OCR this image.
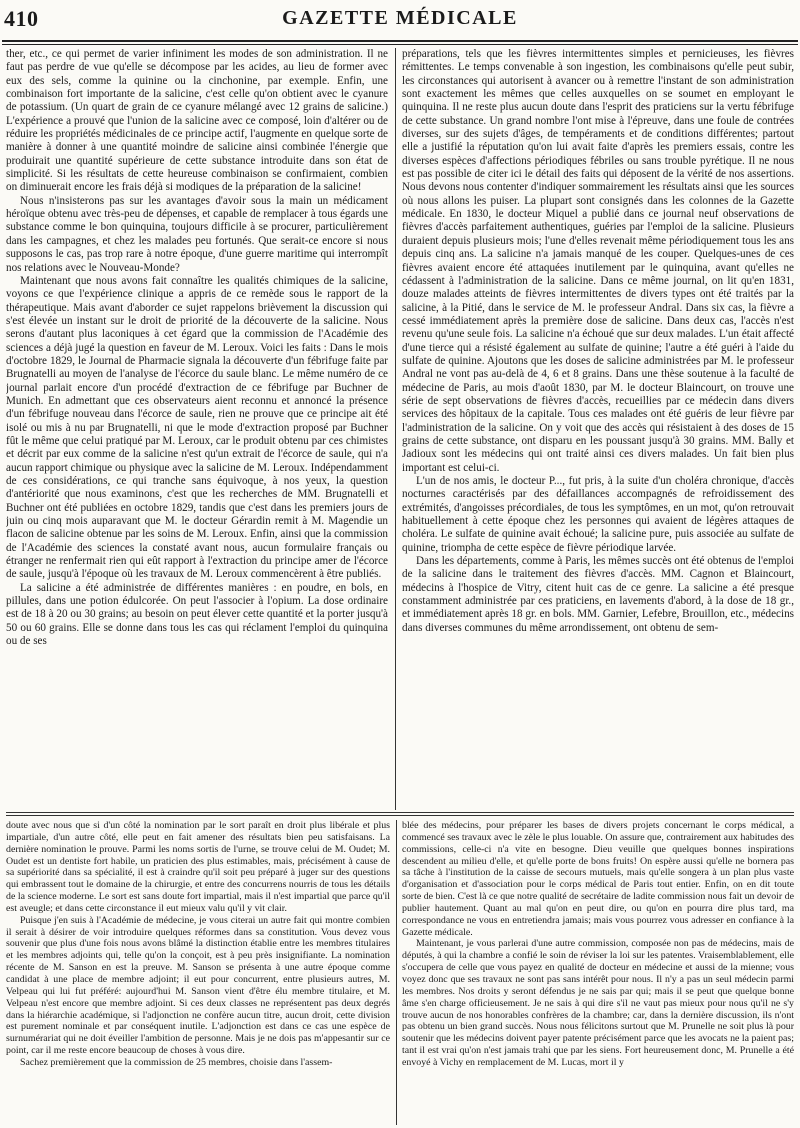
410	GAZETTE MÉDICALE

ther, etc., ce qui permet de varier infiniment les modes de son administration. Il ne faut pas perdre de vue qu'elle se décompose par les acides, au lieu de former avec eux des sels, comme la quinine ou la cinchonine, par exemple. Enfin, une combinaison fort importante de la salicine, c'est celle qu'on obtient avec le cyanure de potassium. (Un quart de grain de ce cyanure mélangé avec 12 grains de salicine.) L'expérience a prouvé que l'union de la salicine avec ce composé, loin d'altérer ou de réduire les propriétés médicinales de ce principe actif, l'augmente en quelque sorte de manière à donner à une quantité moindre de salicine ainsi combinée l'énergie que produirait une quantité supérieure de cette substance introduite dans son état de simplicité. Si les résultats de cette heureuse combinaison se confirmaient, combien on diminuerait encore les frais déjà si modiques de la préparation de la salicine!

Nous n'insisterons pas sur les avantages d'avoir sous la main un médicament héroïque obtenu avec très-peu de dépenses, et capable de remplacer à tous égards une substance comme le bon quinquina, toujours difficile à se procurer, particulièrement dans les campagnes, et chez les malades peu fortunés. Que serait-ce encore si nous supposons le cas, pas trop rare à notre époque, d'une guerre maritime qui interrompît nos relations avec le Nouveau-Monde?

Maintenant que nous avons fait connaître les qualités chimiques de la salicine, voyons ce que l'expérience clinique a appris de ce remède sous le rapport de la thérapeutique. Mais avant d'aborder ce sujet rappelons brièvement la discussion qui s'est élevée un instant sur le droit de priorité de la découverte de la salicine. Nous serons d'autant plus laconiques à cet égard que la commission de l'Académie des sciences a déjà jugé la question en faveur de M. Leroux. Voici les faits : Dans le mois d'octobre 1829, le Journal de Pharmacie signala la découverte d'un fébrifuge faite par Brugnatelli au moyen de l'analyse de l'écorce du saule blanc. Le même numéro de ce journal parlait encore d'un procédé d'extraction de ce fébrifuge par Buchner de Munich. En admettant que ces observateurs aient reconnu et annoncé la présence d'un fébrifuge nouveau dans l'écorce de saule, rien ne prouve que ce principe ait été isolé ou mis à nu par Brugnatelli, ni que le mode d'extraction proposé par Buchner fût le même que celui pratiqué par M. Leroux, car le produit obtenu par ces chimistes et décrit par eux comme de la salicine n'est qu'un extrait de l'écorce de saule, qui n'a aucun rapport chimique ou physique avec la salicine de M. Leroux. Indépendamment de ces considérations, ce qui tranche sans équivoque, à nos yeux, la question d'antériorité que nous examinons, c'est que les recherches de MM. Brugnatelli et Buchner ont été publiées en octobre 1829, tandis que c'est dans les premiers jours de juin ou cinq mois auparavant que M. le docteur Gérardin remit à M. Magendie un flacon de salicine obtenue par les soins de M. Leroux. Enfin, ainsi que la commission de l'Académie des sciences la constaté avant nous, aucun formulaire français ou étranger ne renfermait rien qui eût rapport à l'extraction du principe amer de l'écorce de saule, jusqu'à l'époque où les travaux de M. Leroux commencèrent à être publiés.

La salicine a été administrée de différentes manières : en poudre, en bols, en pillules, dans une potion édulcorée. On peut l'associer à l'opium. La dose ordinaire est de 18 à 20 ou 30 grains; au besoin on peut élever cette quantité et la porter jusqu'à 50 ou 60 grains. Elle se donne dans tous les cas qui réclament l'emploi du quinquina ou de ses

préparations, tels que les fièvres intermittentes simples et pernicieuses, les fièvres rémittentes. Le temps convenable à son ingestion, les combinaisons qu'elle peut subir, les circonstances qui autorisent à avancer ou à remettre l'instant de son administration sont exactement les mêmes que celles auxquelles on se soumet en employant le quinquina. Il ne reste plus aucun doute dans l'esprit des praticiens sur la vertu fébrifuge de cette substance. Un grand nombre l'ont mise à l'épreuve, dans une foule de contrées diverses, sur des sujets d'âges, de tempéraments et de conditions différentes; partout elle a justifié la réputation qu'on lui avait faite d'après les premiers essais, contre les diverses espèces d'affections périodiques fébriles ou sans trouble pyrétique. Il ne nous est pas possible de citer ici le détail des faits qui déposent de la vérité de nos assertions. Nous devons nous contenter d'indiquer sommairement les résultats ainsi que les sources où nous allons les puiser. La plupart sont consignés dans les colonnes de la Gazette médicale. En 1830, le docteur Miquel a publié dans ce journal neuf observations de fièvres d'accès parfaitement authentiques, guéries par l'emploi de la salicine. Plusieurs duraient depuis plusieurs mois; l'une d'elles revenait même périodiquement tous les ans depuis cinq ans. La salicine n'a jamais manqué de les couper. Quelques-unes de ces fièvres avaient encore été attaquées inutilement par le quinquina, avant qu'elles ne cédassent à l'administration de la salicine. Dans ce même journal, on lit qu'en 1831, douze malades atteints de fièvres intermittentes de divers types ont été traités par la salicine, à la Pitié, dans le service de M. le professeur Andral. Dans six cas, la fièvre a cessé immédiatement après la première dose de salicine. Dans deux cas, l'accès n'est revenu qu'une seule fois. La salicine n'a échoué que sur deux malades. L'un était affecté d'une tierce qui a résisté également au sulfate de quinine; l'autre a été guéri à l'aide du sulfate de quinine. Ajoutons que les doses de salicine administrées par M. le professeur Andral ne vont pas au-delà de 4, 6 et 8 grains. Dans une thèse soutenue à la faculté de médecine de Paris, au mois d'août 1830, par M. le docteur Blaincourt, on trouve une série de sept observations de fièvres d'accès, recueillies par ce médecin dans divers services des hôpitaux de la capitale. Tous ces malades ont été guéris de leur fièvre par l'administration de la salicine. On y voit que des accès qui résistaient à des doses de 15 grains de cette substance, ont disparu en les poussant jusqu'à 30 grains. MM. Bally et Jadioux sont les médecins qui ont traité ainsi ces divers malades. Un fait bien plus important est celui-ci.

L'un de nos amis, le docteur P..., fut pris, à la suite d'un choléra chronique, d'accès nocturnes caractérisés par des défaillances accompagnés de refroidissement des extrémités, d'angoisses précordiales, de tous les symptômes, en un mot, qu'on retrouvait habituellement à cette époque chez les personnes qui avaient de légères attaques de choléra. Le sulfate de quinine avait échoué; la salicine pure, puis associée au sulfate de quinine, triompha de cette espèce de fièvre périodique larvée.

Dans les départements, comme à Paris, les mêmes succès ont été obtenus de l'emploi de la salicine dans le traitement des fièvres d'accès. MM. Cagnon et Blaincourt, médecins à l'hospice de Vitry, citent huit cas de ce genre. La salicine a été presque constamment administrée par ces praticiens, en lavements d'abord, à la dose de 18 gr., et immédiatement après 18 gr. en bols. MM. Garnier, Lefebre, Brouillon, etc., médecins dans diverses communes du même arrondissement, ont obtenu de sem-

doute avec nous que si d'un côté la nomination par le sort paraît en droit plus libérale et plus impartiale, d'un autre côté, elle peut en fait amener des résultats bien peu satisfaisans. La dernière nomination le prouve. Parmi les noms sortis de l'urne, se trouve celui de M. Oudet; M. Oudet est un dentiste fort habile, un praticien des plus estimables, mais, précisément à cause de sa supériorité dans sa spécialité, il est à craindre qu'il soit peu préparé à juger sur des questions qui embrassent tout le domaine de la chirurgie, et entre des concurrens nourris de tous les détails de la science moderne. Le sort est sans doute fort impartial, mais il n'est impartial que parce qu'il est aveugle; et dans cette circonstance il eut mieux valu qu'il y vit clair.

Puisque j'en suis à l'Académie de médecine, je vous citerai un autre fait qui montre combien il serait à désirer de voir introduire quelques réformes dans sa constitution. Vous devez vous souvenir que plus d'une fois nous avons blâmé la distinction établie entre les membres titulaires et les membres adjoints qui, telle qu'on la conçoit, est à peu près insignifiante. La nomination récente de M. Sanson en est la preuve. M. Sanson se présenta à une autre époque comme candidat à une place de membre adjoint; il eut pour concurrent, entre plusieurs autres, M. Velpeau qui lui fut préféré: aujourd'hui M. Sanson vient d'être élu membre titulaire, et M. Velpeau n'est encore que membre adjoint. Si ces deux classes ne représentent pas deux degrés dans la hiérarchie académique, si l'adjonction ne confère aucun titre, aucun droit, cette division est purement nominale et par conséquent inutile. L'adjonction est dans ce cas une espèce de surnumérariat qui ne doit éveiller l'ambition de personne. Mais je ne dois pas m'appesantir sur ce point, car il me reste encore beaucoup de choses à vous dire.

Sachez premièrement que la commission de 25 membres, choisie dans l'assem-

blée des médecins, pour préparer les bases de divers projets concernant le corps médical, a commencé ses travaux avec le zèle le plus louable. On assure que, contrairement aux habitudes des commissions, celle-ci n'a vite en besogne. Dieu veuille que quelques bonnes inspirations descendent au milieu d'elle, et qu'elle porte de bons fruits! On espère aussi qu'elle ne bornera pas sa tâche à l'institution de la caisse de secours mutuels, mais qu'elle songera à un plan plus vaste d'organisation et d'association pour le corps médical de Paris tout entier. Enfin, on en dit toute sorte de bien. C'est là ce que notre qualité de secrétaire de ladite commission nous fait un devoir de publier hautement. Quant au mal qu'on en peut dire, ou qu'on en pourra dire plus tard, ma correspondance ne vous en entretiendra jamais; mais vous pourrez vous adresser en confiance à la Gazette médicale.

Maintenant, je vous parlerai d'une autre commission, composée non pas de médecins, mais de députés, à qui la chambre a confié le soin de réviser la loi sur les patentes. Vraisemblablement, elle s'occupera de celle que vous payez en qualité de docteur en médecine et aussi de la mienne; vous voyez donc que ses travaux ne sont pas sans intérêt pour nous. Il n'y a pas un seul médecin parmi les membres. Nos droits y seront défendus je ne sais par qui; mais il se peut que quelque bonne âme s'en charge officieusement. Je ne sais à qui dire s'il ne vaut pas mieux pour nous qu'il ne s'y trouve aucun de nos honorables confrères de la chambre; car, dans la dernière discussion, ils n'ont pas obtenu un bien grand succès. Nous nous félicitons surtout que M. Prunelle ne soit plus là pour soutenir que les médecins doivent payer patente précisément parce que les avocats ne la paient pas; tant il est vrai qu'on n'est jamais trahi que par les siens. Fort heureusement donc, M. Prunelle a été envoyé à Vichy en remplacement de M. Lucas, mort il y
